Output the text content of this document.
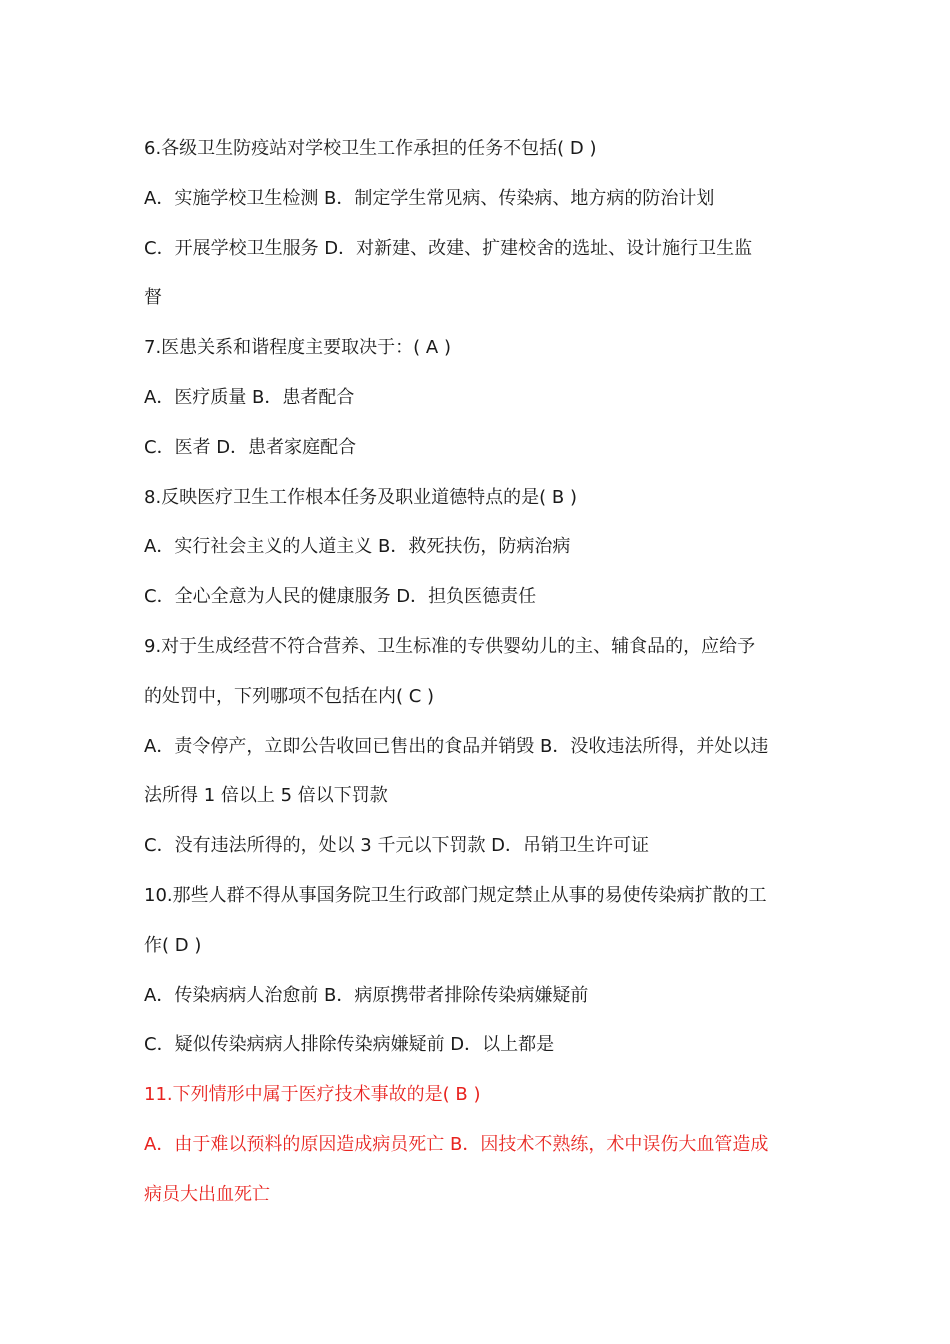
6.各级卫生防疫站对学校卫生工作承担的任务不包括( D )
A．实施学校卫生检测 B．制定学生常见病、传染病、地方病的防治计划
C．开展学校卫生服务 D．对新建、改建、扩建校舍的选址、设计施行卫生监
督
7.医患关系和谐程度主要取决于：( A )
A．医疗质量 B．患者配合
C．医者 D．患者家庭配合
8.反映医疗卫生工作根本任务及职业道德特点的是( B )
A．实行社会主义的人道主义 B．救死扶伤，防病治病
C．全心全意为人民的健康服务 D．担负医德责任
9.对于生成经营不符合营养、卫生标准的专供婴幼儿的主、辅食品的，应给予
的处罚中，下列哪项不包括在内( C )
A．责令停产，立即公告收回已售出的食品并销毁 B．没收违法所得，并处以违
法所得 1 倍以上 5 倍以下罚款
C．没有违法所得的，处以 3 千元以下罚款 D．吊销卫生许可证
10.那些人群不得从事国务院卫生行政部门规定禁止从事的易使传染病扩散的工
作( D )
A．传染病病人治愈前 B．病原携带者排除传染病嫌疑前
C．疑似传染病病人排除传染病嫌疑前 D．以上都是
11.下列情形中属于医疗技术事故的是( B )
A．由于难以预料的原因造成病员死亡 B．因技术不熟练，术中误伤大血管造成
病员大出血死亡
